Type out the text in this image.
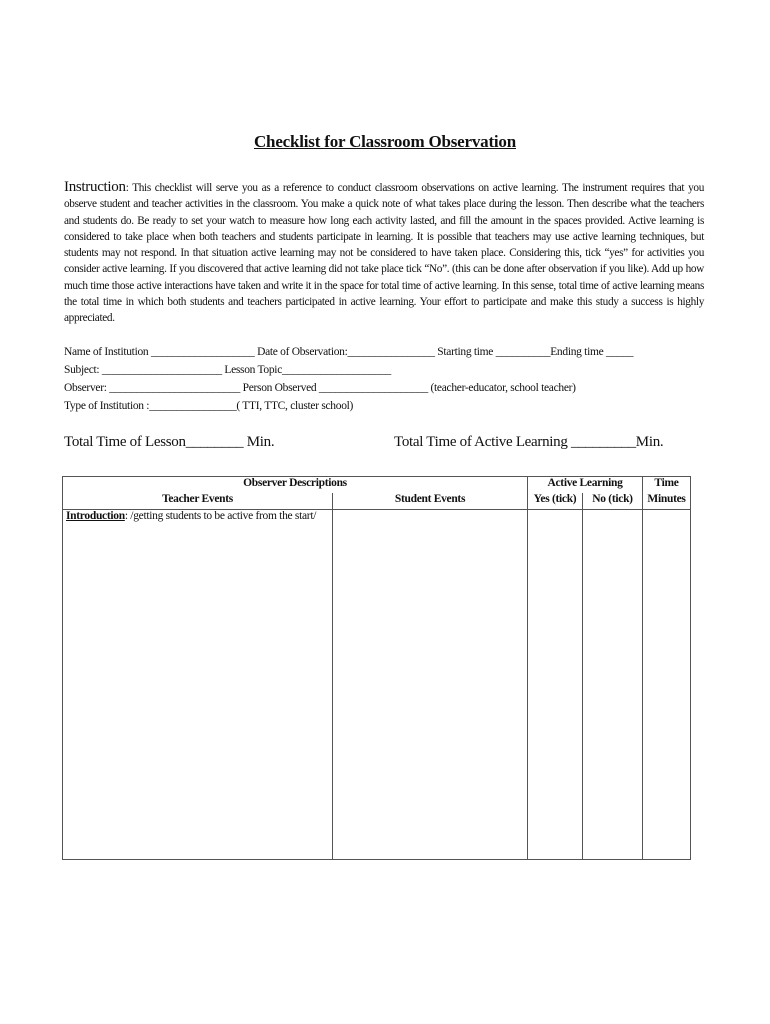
Checklist for Classroom Observation
Instruction: This checklist will serve you as a reference to conduct classroom observations on active learning. The instrument requires that you observe student and teacher activities in the classroom. You make a quick note of what takes place during the lesson. Then describe what the teachers and students do. Be ready to set your watch to measure how long each activity lasted, and fill the amount in the spaces provided. Active learning is considered to take place when both teachers and students participate in learning. It is possible that teachers may use active learning techniques, but students may not respond. In that situation active learning may not be considered to have taken place. Considering this, tick “yes” for activities you consider active learning. If you discovered that active learning did not take place tick “No”. (this can be done after observation if you like). Add up how much time those active interactions have taken and write it in the space for total time of active learning. In this sense, total time of active learning means the total time in which both students and teachers participated in active learning. Your effort to participate and make this study a success is highly appreciated.
Name of Institution ___________________ Date of Observation:________________ Starting time __________Ending time _____
Subject: ______________________ Lesson Topic____________________
Observer: ________________________ Person Observed ____________________ (teacher-educator, school teacher)
Type of Institution :________________( TTI, TTC, cluster school)
Total Time of Lesson________ Min.	Total Time of Active Learning _________Min.
Observer Descriptions		Active Learning		Time
Teacher Events	Student Events	Yes (tick)	No (tick)	Minutes
Introduction: /getting students to be active from the start/				
